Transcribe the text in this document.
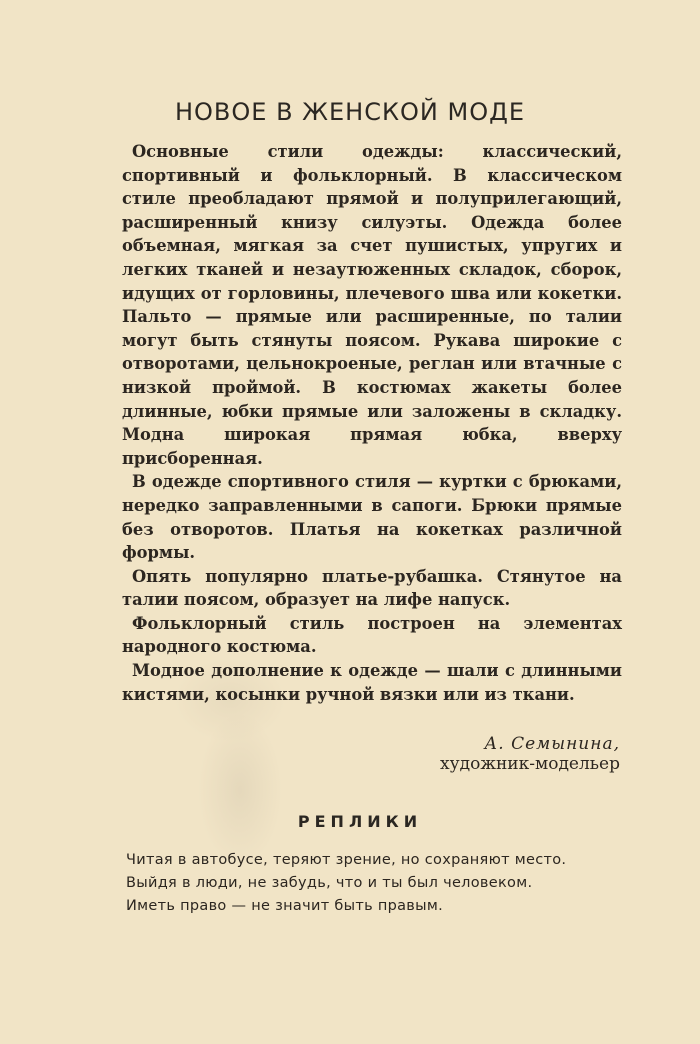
НОВОЕ В ЖЕНСКОЙ МОДЕ

Основные стили одежды: классический, спортивный и фольклорный. В классическом стиле преобладают прямой и полуприлегающий, расширенный книзу силуэты. Одежда более объемная, мягкая за счет пушистых, упругих и легких тканей и незаутюженных складок, сборок, идущих от горловины, плечевого шва или кокетки. Пальто — прямые или расширенные, по талии могут быть стянуты поясом. Рукава широкие с отворотами, цельнокроеные, реглан или втачные с низкой проймой. В костюмах жакеты более длинные, юбки прямые или заложены в складку. Модна широкая прямая юбка, вверху присборенная.

В одежде спортивного стиля — куртки с брюками, нередко заправленными в сапоги. Брюки прямые без отворотов. Платья на кокетках различной формы.

Опять популярно платье-рубашка. Стянутое на талии поясом, образует на лифе напуск.

Фольклорный стиль построен на элементах народного костюма.

Модное дополнение к одежде — шали с длинными кистями, косынки ручной вязки или из ткани.

А. Семынина,
художник-модельер
РЕПЛИКИ

Читая в автобусе, теряют зрение, но сохраняют место.

Выйдя в люди, не забудь, что и ты был человеком.

Иметь право — не значит быть правым.
